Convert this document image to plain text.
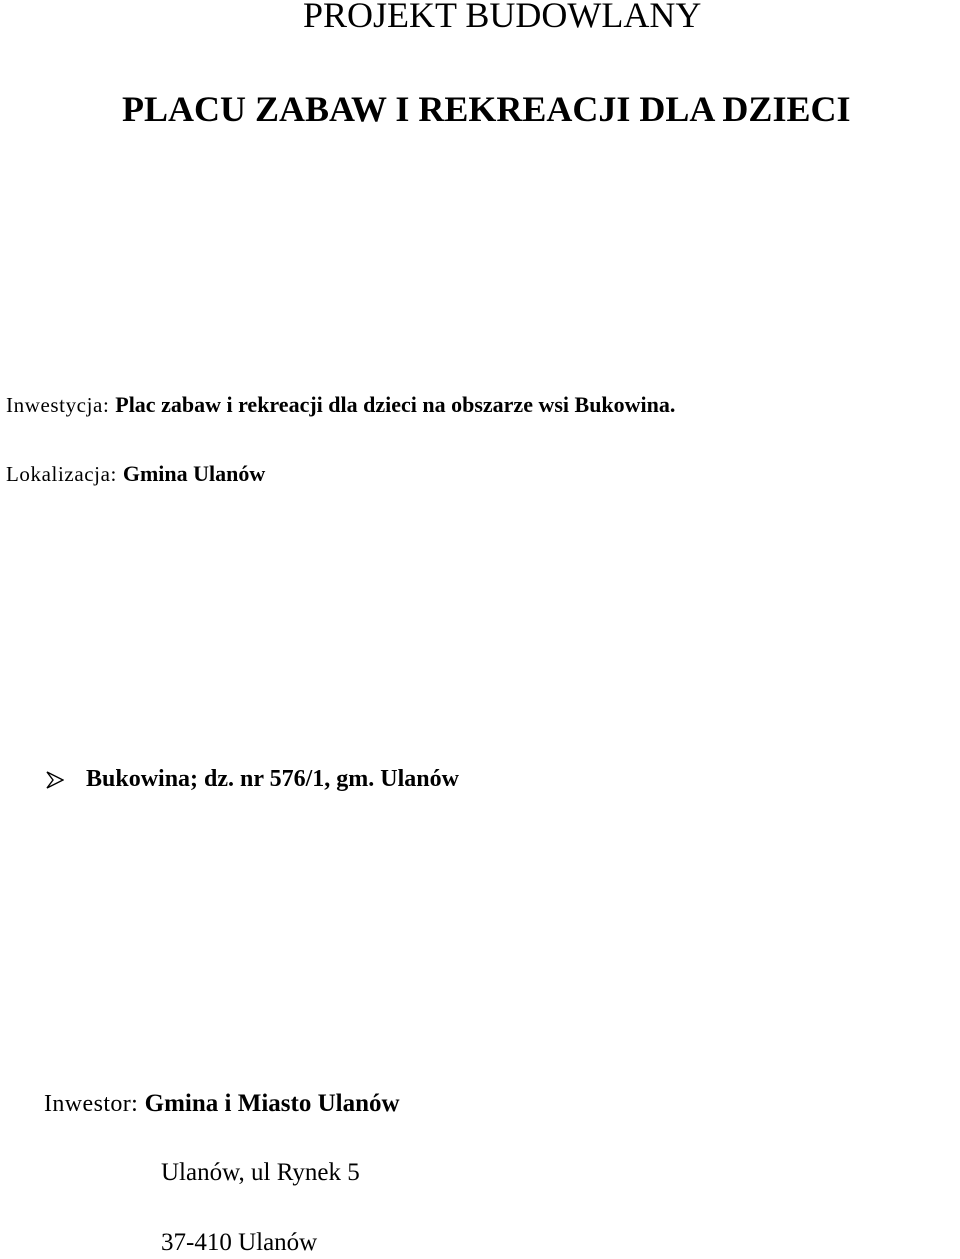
PROJEKT BUDOWLANY
PLACU ZABAW I REKREACJI DLA DZIECI
Inwestycja: Plac zabaw i rekreacji dla dzieci na obszarze wsi Bukowina.
Lokalizacja: Gmina Ulanów
Bukowina; dz. nr 576/1, gm. Ulanów
Inwestor: Gmina i Miasto Ulanów
Ulanów, ul Rynek 5
37-410 Ulanów
